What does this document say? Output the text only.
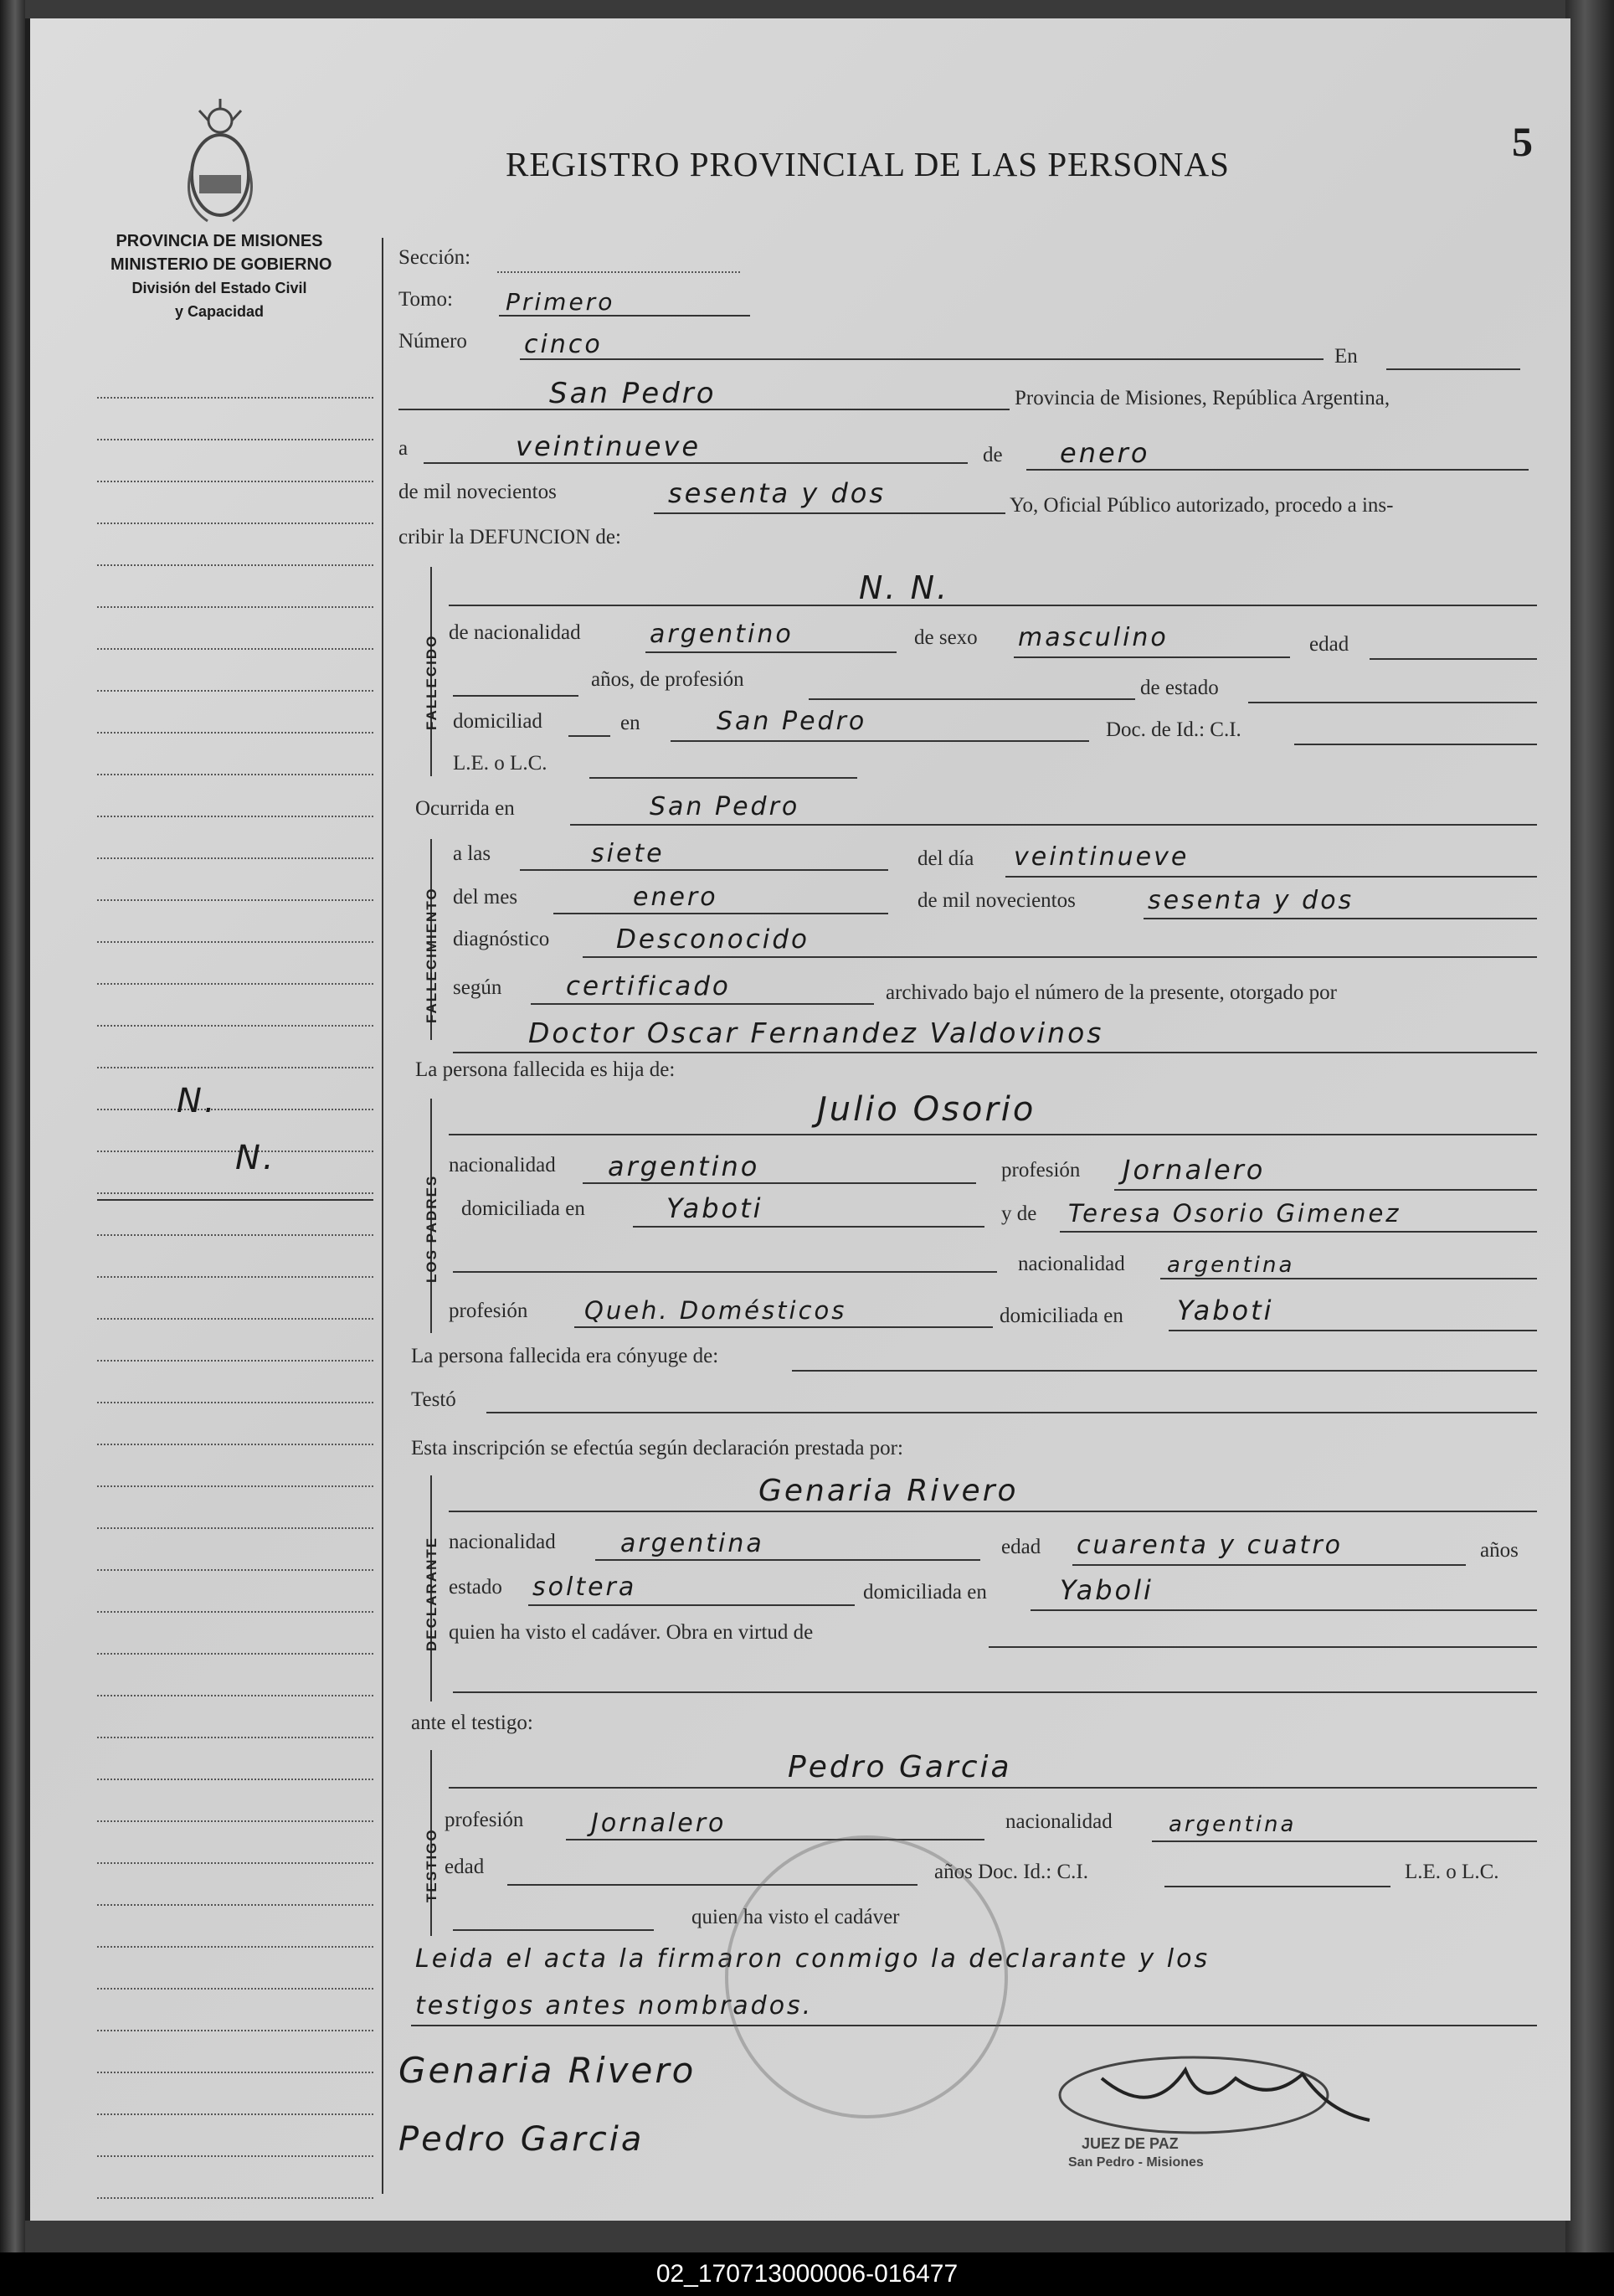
PROVINCIA DE MISIONES
MINISTERIO DE GOBIERNO
División del Estado Civil
y Capacidad
REGISTRO PROVINCIAL DE LAS PERSONAS	5
N.
N.
Sección:
Tomo: Primero
Número cinco	En
San Pedro	Provincia de Misiones, República Argentina,
a	veintinueve	de enero
de mil novecientos	sesenta y dos	Yo, Oficial Público autorizado, procedo a ins-
cribir la DEFUNCION de:
FALLECIDO
N. N.
de nacionalidad	argentino	de sexo masculino	edad
años, de profesión	de estado
domiciliad	en	San Pedro	Doc. de Id.: C.I.
L.E. o L.C.
Ocurrida en	San Pedro
FALLECIMIENTO
a las	siete	del día veintinueve
del mes	enero	de mil novecientos	sesenta y dos
diagnóstico	Desconocido
según certificado	archivado bajo el número de la presente, otorgado por
Doctor Oscar Fernandez Valdovinos
La persona fallecida es hija de:
LOS PADRES
Julio Osorio
nacionalidad argentino	profesión Jornalero
domiciliada en	Yaboti	y de Teresa Osorio Gimenez
nacionalidad argentina
profesión Queh. Domésticos	domiciliada en Yaboti
La persona fallecida era cónyuge de:
Testó
Esta inscripción se efectúa según declaración prestada por:
DECLARANTE
Genaria Rivero
nacionalidad	argentina	edad cuarenta y cuatro	años
estado soltera	domiciliada en	Yaboli
quien ha visto el cadáver. Obra en virtud de
ante el testigo:
TESTIGO
Pedro Garcia
profesión	Jornalero	nacionalidad	argentina
edad	años Doc. Id.: C.I.	L.E. o L.C.
quien ha visto el cadáver
Leida el acta la firmaron conmigo la declarante y los
testigos antes nombrados.
Genaria Rivero
Pedro Garcia	JUEZ DE PAZ
San Pedro - Misiones
02_170713000006-016477
